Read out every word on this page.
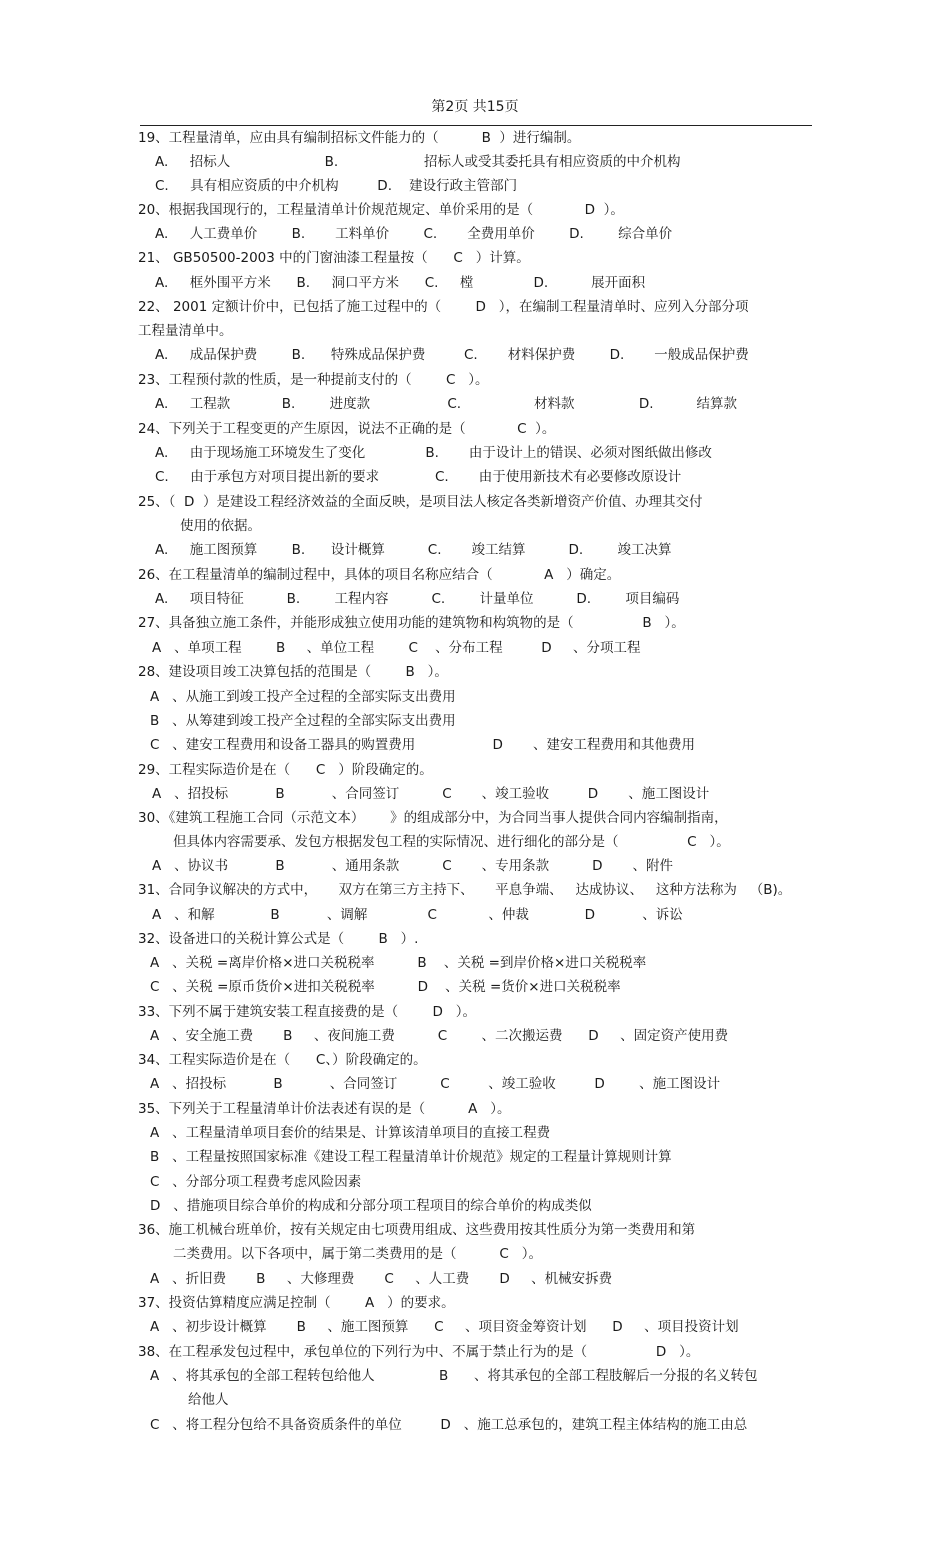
第2页 共15页
19、工程量清单，应由具有编制招标文件能力的（          B  ）进行编制。
A.     招标人                      B.                    招标人或受其委托具有相应资质的中介机构
C.     具有相应资质的中介机构         D.    建设行政主管部门
20、根据我国现行的，工程量清单计价规范规定、单价采用的是（            D  ）。
A.     人工费单价        B.       工料单价        C.       全费用单价        D.        综合单价
21、 GB50500-2003 中的门窗油漆工程量按（      C   ）计算。
A.     框外围平方米      B.     洞口平方米      C.     樘              D.          展开面积
22、 2001 定额计价中，已包括了施工过程中的（        D   ），在编制工程量清单时、应列入分部分项
工程量清单中。
A.     成品保护费        B.      特殊成品保护费         C.       材料保护费        D.       一般成品保护费
23、工程预付款的性质，是一种提前支付的（        C   ）。
A.     工程款            B.        进度款                  C.                 材料款               D.          结算款
24、下列关于工程变更的产生原因，说法不正确的是（            C  ）。
A.     由于现场施工环境发生了变化              B.       由于设计上的错误、必须对图纸做出修改
C.     由于承包方对项目提出新的要求             C.       由于使用新技术有必要修改原设计
25、（  D  ）是建设工程经济效益的全面反映，是项目法人核定各类新增资产价值、办理其交付
使用的依据。
A.     施工图预算        B.      设计概算          C.       竣工结算          D.        竣工决算
26、在工程量清单的编制过程中，具体的项目名称应结合（            A   ）确定。
A.     项目特征          B.        工程内容          C.        计量单位          D.        项目编码
27、具备独立施工条件，并能形成独立使用功能的建筑物和构筑物的是（                B   ）。
A   、单项工程        B     、单位工程        C    、分布工程         D     、分项工程
28、建设项目竣工决算包括的范围是（        B   ）。
A   、从施工到竣工投产全过程的全部实际支出费用
B   、从筹建到竣工投产全过程的全部实际支出费用
C   、建安工程费用和设备工器具的购置费用                  D       、建安工程费用和其他费用
29、工程实际造价是在（      C   ）阶段确定的。
A   、招投标           B           、合同签订          C       、竣工验收         D       、施工图设计
30、《建筑工程施工合同（示范文本）      》的组成部分中，为合同当事人提供合同内容编制指南，
但具体内容需要承、发包方根据发包工程的实际情况、进行细化的部分是（                C   ）。
A   、协议书           B           、通用条款          C       、专用条款          D       、附件
31、合同争议解决的方式中，     双方在第三方主持下、     平息争端、   达成协议、   这种方法称为   （B)。
A   、和解             B           、调解              C            、仲裁             D           、诉讼
32、设备进口的关税计算公式是（        B   ）.
A   、关税 =离岸价格×进口关税税率          B    、关税 =到岸价格×进口关税税率
C   、关税 =原币货价×进扣关税税率          D    、关税 =货价×进口关税税率
33、下列不属于建筑安装工程直接费的是（        D   ）。
A   、安全施工费       B     、夜间施工费          C        、二次搬运费      D     、固定资产使用费
34、工程实际造价是在（      C、）阶段确定的。
A   、招投标           B           、合同签订          C         、竣工验收         D        、施工图设计
35、下列关于工程量清单计价法表述有误的是（          A   ）。
A   、工程量清单项目套价的结果是、计算该清单项目的直接工程费
B   、工程量按照国家标准《建设工程工程量清单计价规范》规定的工程量计算规则计算
C   、分部分项工程费考虑风险因素
D   、措施项目综合单价的构成和分部分项工程项目的综合单价的构成类似
36、施工机械台班单价，按有关规定由七项费用组成、这些费用按其性质分为第一类费用和第
二类费用。以下各项中，属于第二类费用的是（          C   ）。
A   、折旧费       B     、大修理费       C     、人工费       D     、机械安拆费
37、投资估算精度应满足控制（        A   ）的要求。
A   、初步设计概算       B     、施工图预算      C     、项目资金筹资计划      D     、项目投资计划
38、在工程承发包过程中，承包单位的下列行为中、不属于禁止行为的是（                D   ）。
A   、将其承包的全部工程转包给他人               B      、将其承包的全部工程肢解后一分报的名义转包
给他人
C   、将工程分包给不具备资质条件的单位         D   、施工总承包的，建筑工程主体结构的施工由总
